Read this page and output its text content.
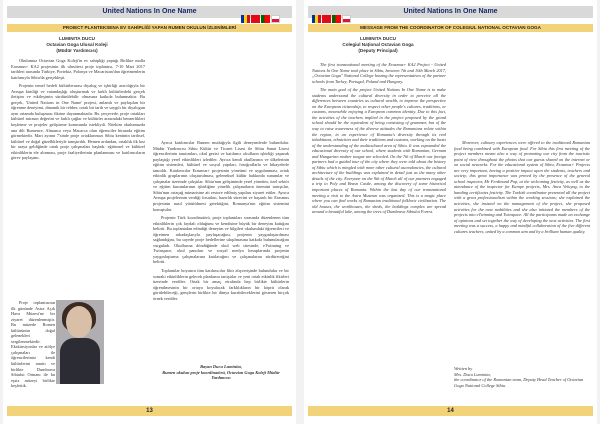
United Nations In One Name
PROIECT PLANTEKSENA EV SAHİPLİĞİ YAPAN RUMEN OKULUN İZLENİMLERİ
LUMINITA DUCU
Octavian Goga Ulusal Koleji
(Müdür Yardımcısı)

Okulumuz Octavian Goga Koleji'in ev sahipliği yaptığı Birlikte mulla Erasmus+ KA2 projesinin ilk ulusötesi proje toplantısı, 7-10 Mart 2017 tarihleri arasında Türkiye, Portekiz, Polonya ve Macaristan'dan öğretmenlerin katılımıyla Sibiu'da gerçekleşti.

Projenin temel hedefi kültürlerarası diyalog ve işbirliği aracılığıyla bir Avrupa kimliği ve vatandaşlığı oluşturmak ve farklı kültürlerdeki gerçek iletişim ve etkileşimin sürdürülebilir olmasına katkıda bulunmaktır. Bu gerçek, 'United Nations in One Name' projesi, anlamlı ve paylaşılan bir öğrenme deneyimi, dinamik bir rehber, ortak bir tarih ve saygılı bir diyalogun aynı ortamda buluşması fikrine dayanmaktadır. Bu çerçevede, proje ortakları kültürel mirasın değerini ve farklı çağlar ve kültürler arasındaki benzerlikleri keşfetme ve projeler geliştirme konusunda istekliydi. Nitekim okulumuzda ana dili Rumence, Almanca veya Macarca olan öğrenciler birarada eğitim görmektedir. Mart ayının 7'sinde proje ortaklarımızı Sibiu kentinin tarihsel, kültürel ve doğal güzellikleriyle tanıştırdık. Hemen ardından, ortaklık ilk kez bir araya geldiğinde ortak proje çalışmaları başladı: eğitimsel ve kültürel etkinliklerin ele alınması, proje faaliyetlerinin planlanması ve katılımcıların görev paylaşımı.

Proje toplantısının ilk gününde Astra Açık Hava Müzesi'ne bir ziyaret düzenlenmiştir. Bu müzede Romen kültürünün doğal gelenekleri sergilenmektedir. Ekskürsiyonlar ve atölye çalışmaları ile öğrencilerimiz kendi kültürlerini tanıttı ve birlikte Dumbrava Sibiului Ormanı ile bu eşsiz müzeyi birlikte keşfettik.

Ayrıca katılımcılar Rumen mutfağıyla ilgili deneyimlerde bulundular. Müdür Yardımcısı Sibiu Kültür ve Ticaret Lisesi ile Sibiu Sanat Lisesi öğrencilerinin tanıtımları, okul gezisi ve katılımcı okulların işbirliği yaparak paylaştığı yerel etkinlikleri izlediler. Ayrıca kendi okullarının ve ülkelerinin eğitim sistemleri, kültürel ve sosyal yapıları, fotoğraflarla ve hikayelerle tanıtıldı. Katılımcılar Erasmus+ projesinin yönetimi ve uygulanması, ortak etkinlik gruplarının oluşturulması, geleneksel kültür hakkında sunumlar ve çalışmalar üzerinde çalıştılar. Sibiu'nun gelişiminde yerel yönetim, özel sektör ve eğitim kurumlarının işbirliğine yönelik çalışmaların önemini tartıştılar, Sibiu'nun ortaçağ mimarisine ait restore edilmiş yapıları ziyaret ettiler. Ayrıca Avrupa projelerinin verdiği fırsatları, hazırlık sürecini ve başarılı bir Erasmus projesinin nasıl yürütülmesi gerektiğini, Romanya'nın eğitim sistemini konuştular.

Projenin Türk koordinatörü, proje toplantıları sırasında düzenlenen tüm etkinliklerin çok faydalı olduğunu ve kendisine büyük bir deneyim kattığını belirtti. Bu toplantıdan edindiği deneyim ve bilgileri okulundaki öğrencileri ve öğretmen arkadaşlarıyla paylaşacağını, projenin yaygınlaştırılması sağlandığını, bu sayede proje hedeflerine ulaşılmasına katkıda bulunulacağını vurguladı. Okullarına döndüğünde okul web sitesinde, eTwinning ve Twinspace, okul panoları ve sosyal medya hesaplarında projenin yaygınlaştırma çalışmalarına katılacağını ve çalışmalarını sürdüreceğini belirtti.

Toplantılar boyunca tüm katılımcılar fikir alışverişinde bulundular ve bir sonraki etkinliklerin gelecek planlarını tartıştılar ve yeni ortak etkinlik fikirleri üzerinde verdiler. Ortak bir amaç etrafında hep birlikte kültürlerin öğrenilmesinin bir ortaya koyulacak farklılıkların bir köprü olarak görülebileceği, gençlerin birlikte bir dünya kurabileceklerini gösteren birçok örnek verdiler.

Bayan Ducu Luminita,
Rumen okulun proje koordinatörü, Octavian Goga Koleji Müdür Yardımcısı
13
United Nations In One Name
MESSAGE FROM THE COORDINATOR OF COLEGIUL NATIONAL OCTAVIAN GOGA
LUMINITA DUCU
Colegiul Național Octavian Goga
(Deputy Principal)

The first transnational meeting of the Erasmus+ KA2 Project - United Nations In One Name took place in Sibiu, between 7th and 10th March 2017, „Octavian Goga" National College hosting the representatives of the partner schools from Turkey, Portugal, Poland and Hungary.

The main goal of the project United Nations In One Name is to make students understand the cultural diversity in order to perceive all the differences between countries as cultural wealth, to improve the perspective on the European citizenship, to respect other people's cultures, traditions, or customs, meanwhile enjoying a European common identity. Due to this fact, the activities of the teachers implied in the project proposed by the grand school should be the equivalent of being consisting of grammar, but of the way to raise awareness of the diverse attitudes the Romanians relate within the region, in an experience of Romania's diversity through its real inhabitants, ethnicities and their traditions and customs, working on the basis of the understanding of the multicultural area of Sibiu. It was expounded the educational diversity of our school, where students with Romanian, German and Hungarian mother tongue are schooled. On the 7th of March our foreign partners had a guided tour of the city where they were told about the history of Sibiu which is mingled with more other cultural ascendancies, the cultural architecture of the buildings was explained in detail just as the many other details of the city. Everyone on the 9th of March all of our partners engaged a trip to Poly and Brasn Castle, among the discovery of some historical important places of Romania. Within the last day of our transnational meeting a visit to the Astra Museum was organized. This is a magic place where you can find works of Romanian traditional folkloric civilization. The old houses, the workhouses, the sheds, the buildings complex are spread around a beautiful lake, among the trees of Dumbrava Sibiului Forest.

Moreover, culinary experiences were offered to the traditional Romanian food being combined with European food. For Sibiu this first meeting of the project members meant also a way of promoting our city from the touristic point of view throughout the photos that our guests shared on the internet or on social networks. For the educational system of Sibiu, Erasmus+ Projects are very important, having a positive impact upon the students, teachers and society; this great importance was proved by the presence of the general school inspector, Mr Ferdinand Pop, at the welcoming festivity, as well as the attendance of the inspector for Europe projects, Mrs. Anca Veluyng, to the handing certificates festivity. The Turkish coordinator presented all the project with a great professionalism within the working sessions; she explained the activities, she insisted on the management of the project, she proposed activities for the next mobilities and she also initiated the members of the projects into eTwinning and Twinspace. All the participants made an exchange of opinions and set together the way of developing the next activities. The first meeting was a success, a happy and mindful collaboration of the five different cultures teachers, united by a common aim and by a brilliant human quality.

Written by
Mrs. Ducu Luminita,
the coordinator of the Romanian team, Deputy Head Teacher of Octavian Goga National College Sibiu.
14
